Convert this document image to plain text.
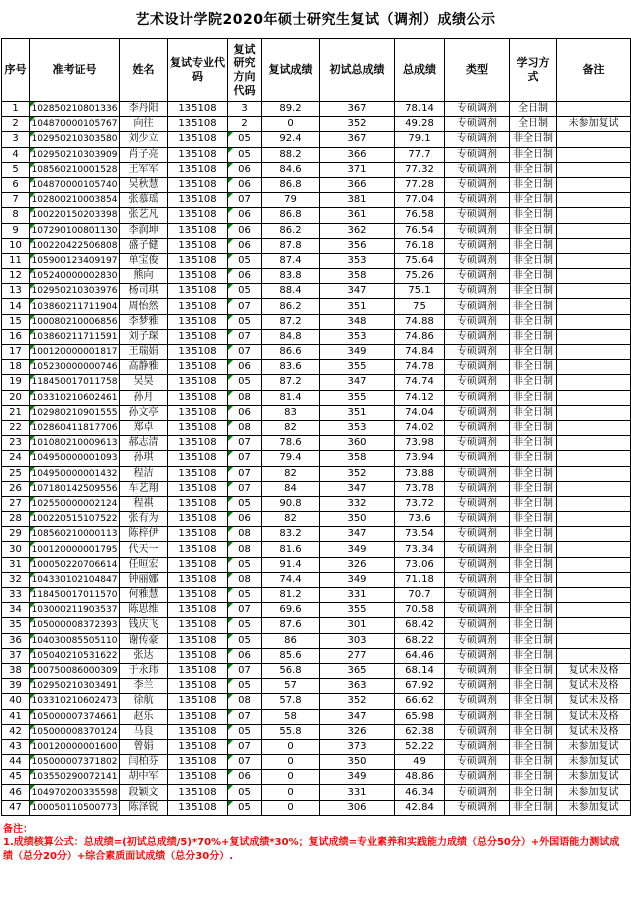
艺术设计学院2020年硕士研究生复试（调剂）成绩公示
序号	准考证号	姓名	复试专业代码	复试研究方向代码	复试成绩	初试总成绩	总成绩	类型	学习方式	备注
1	102850210801336	李丹阳	135108	3	89.2	367	78.14	专硕调剂	全日制	
2	104870000105767	向往	135108	2	0	352	49.28	专硕调剂	全日制	未参加复试
3	102950210303580	刘少立	135108	05	92.4	367	79.1	专硕调剂	非全日制	
4	102950210303909	肖子亮	135108	05	88.2	366	77.7	专硕调剂	非全日制	
5	108560210001528	王军军	135108	06	84.6	371	77.32	专硕调剂	非全日制	
6	104870000105740	吴秋慧	135108	06	86.8	366	77.28	专硕调剂	非全日制	
7	102800210003854	张慕瑶	135108	07	79	381	77.04	专硕调剂	非全日制	
8	100220150203398	张艺凡	135108	06	86.8	361	76.58	专硕调剂	非全日制	
9	107290100801130	李润坤	135108	06	86.2	362	76.54	专硕调剂	非全日制	
10	100220422506808	盛子健	135108	06	87.8	356	76.18	专硕调剂	非全日制	
11	105900123409197	单宝俊	135108	05	87.4	353	75.64	专硕调剂	非全日制	
12	105240000002830	熊向	135108	06	83.8	358	75.26	专硕调剂	非全日制	
13	102950210303976	杨司琪	135108	05	88.4	347	75.1	专硕调剂	非全日制	
14	103860211711904	周怡然	135108	07	86.2	351	75	专硕调剂	非全日制	
15	100080210006856	李梦雅	135108	05	87.2	348	74.88	专硕调剂	非全日制	
16	103860211711591	刘子琛	135108	07	84.8	353	74.86	专硕调剂	非全日制	
17	100120000001817	王瑞娟	135108	07	86.6	349	74.84	专硕调剂	非全日制	
18	105230000000746	高静雅	135108	06	83.6	355	74.78	专硕调剂	非全日制	
19	118450017011758	吴昊	135108	05	87.2	347	74.74	专硕调剂	非全日制	
20	103310210602461	孙月	135108	08	81.4	355	74.12	专硕调剂	非全日制	
21	102980210901555	孙文亭	135108	06	83	351	74.04	专硕调剂	非全日制	
22	102860411817706	郑卓	135108	08	82	353	74.02	专硕调剂	非全日制	
23	101080210009613	郝志清	135108	07	78.6	360	73.98	专硕调剂	非全日制	
24	104950000001093	孙琪	135108	07	79.4	358	73.94	专硕调剂	非全日制	
25	104950000001432	程洁	135108	07	82	352	73.88	专硕调剂	非全日制	
26	107180142509556	车艺翔	135108	07	84	347	73.78	专硕调剂	非全日制	
27	102550000002124	程祺	135108	05	90.8	332	73.72	专硕调剂	非全日制	
28	100220515107522	张有为	135108	06	82	350	73.6	专硕调剂	非全日制	
29	108560210000113	陈梓伊	135108	08	83.2	347	73.54	专硕调剂	非全日制	
30	100120000001795	代天一	135108	08	81.6	349	73.34	专硕调剂	非全日制	
31	100050220706614	任晅宏	135108	05	91.4	326	73.06	专硕调剂	非全日制	
32	104330102104847	钟丽娜	135108	08	74.4	349	71.18	专硕调剂	非全日制	
33	118450017011570	何雅慧	135108	05	81.2	331	70.7	专硕调剂	非全日制	
34	103000211903537	陈思维	135108	07	69.6	355	70.58	专硕调剂	非全日制	
35	105000008372393	钱庆飞	135108	05	87.6	301	68.42	专硕调剂	非全日制	
36	104030085505110	谢传豪	135108	05	86	303	68.22	专硕调剂	非全日制	
37	105040210531622	张达	135108	06	85.6	277	64.46	专硕调剂	非全日制	
38	100750086000309	于永玮	135108	07	56.8	365	68.14	专硕调剂	非全日制	复试未及格
39	102950210303491	李兰	135108	05	57	363	67.92	专硕调剂	非全日制	复试未及格
40	103310210602473	徐航	135108	08	57.8	352	66.62	专硕调剂	非全日制	复试未及格
41	105000007374661	赵乐	135108	07	58	347	65.98	专硕调剂	非全日制	复试未及格
42	105000008370124	马良	135108	05	55.8	326	62.38	专硕调剂	非全日制	复试未及格
43	100120000001600	曾娟	135108	07	0	373	52.22	专硕调剂	非全日制	未参加复试
44	105000007371802	闫柏芬	135108	07	0	350	49	专硕调剂	非全日制	未参加复试
45	103550290072141	胡中军	135108	06	0	349	48.86	专硕调剂	非全日制	未参加复试
46	104970200335598	段颖文	135108	05	0	331	46.34	专硕调剂	非全日制	未参加复试
47	100050110500773	陈泽锐	135108	05	0	306	42.84	专硕调剂	非全日制	未参加复试
备注：
1.成绩核算公式：总成绩=(初试总成绩/5)*70%+复试成绩*30%；复试成绩=专业素养和实践能力成绩（总分50分）+外国语能力测试成绩（总分20分）+综合素质面试成绩（总分30分）.
